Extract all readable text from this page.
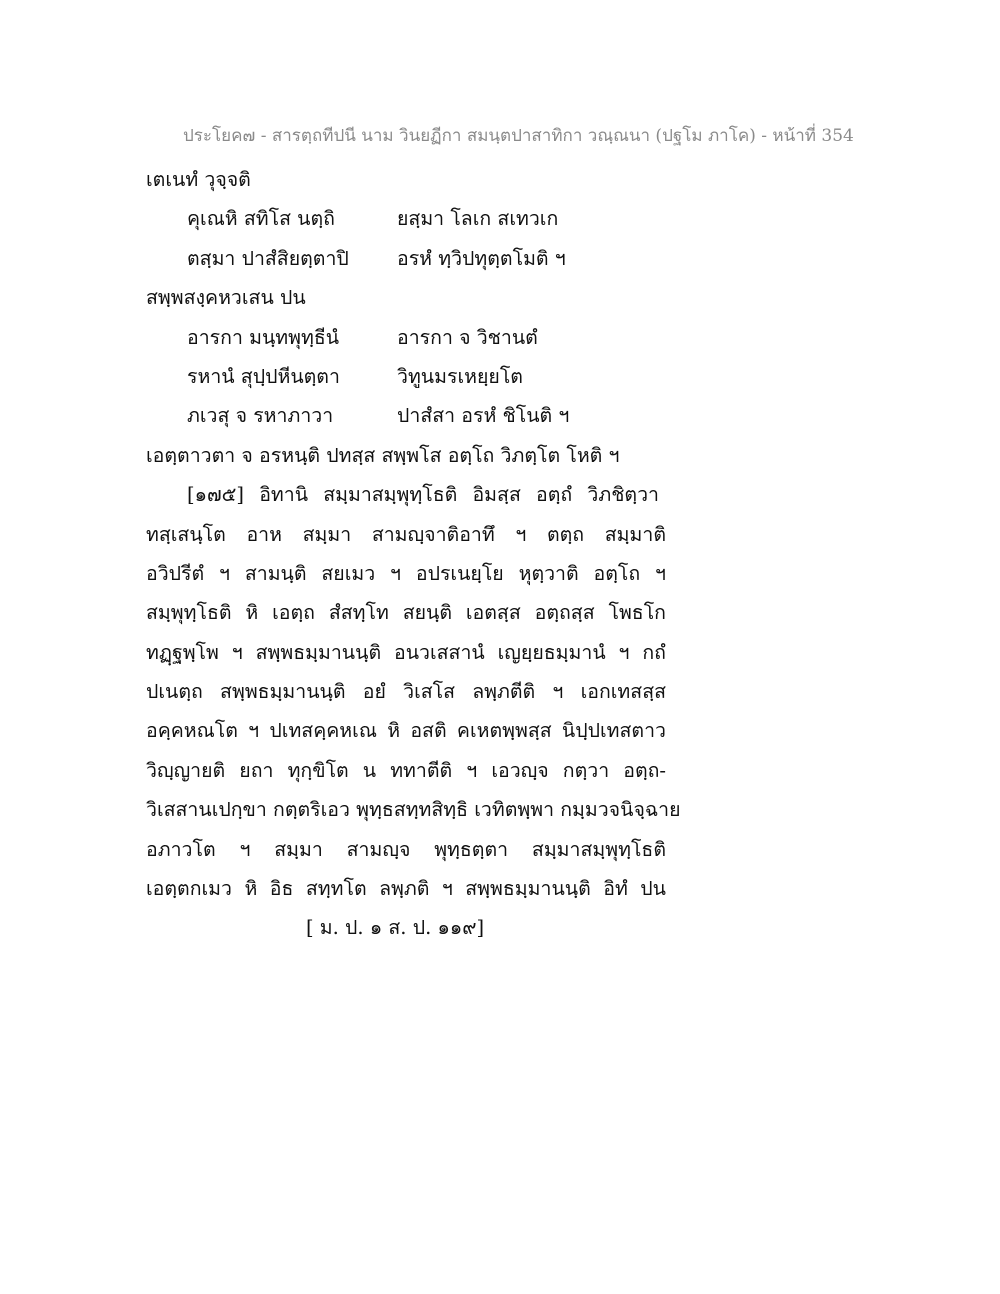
ประโยค๗ - สารตฺถทีปนี นาม วินยฏีกา สมนฺตปาสาทิกา วณฺณนา (ปฐโม ภาโค) - หน้าที่ 354
เตเนทํ วุจฺจติ
คุเณหิ สทิโส นตฺถิ	ยสฺมา โลเก สเทวเก
ตสฺมา ปาสํสิยตฺตาปิ	อรหํ ทฺวิปทุตฺตโมติ ฯ
สพฺพสงฺคหวเสน ปน
อารกา มนฺทพุทฺธีนํ	อารกา จ วิชานตํ
รหานํ สุปฺปหีนตฺตา	วิทูนมรเหยฺยโต
ภเวสุ จ รหาภาวา	ปาสํสา อรหํ ชิโนติ ฯ
เอตฺตาวตา จ อรหนฺติ ปทสฺส สพฺพโส อตฺโถ วิภตฺโต โหติ ฯ
[๑๗๕] อิทานิ สมฺมาสมฺพุทฺโธติ อิมสฺส อตฺถํ วิภชิตฺวา
ทสฺเสนฺโต อาห สมฺมา สามญฺจาติอาทึ ฯ ตตฺถ สมฺมาติ
อวิปรีตํ ฯ สามนฺติ สยเมว ฯ อปรเนยฺโย หุตฺวาติ อตฺโถ ฯ
สมฺพุทฺโธติ หิ เอตฺถ สํสทฺโท สยนฺติ เอตสฺส อตฺถสฺส โพธโก
ทฏฺฐพฺโพ ฯ สพฺพธมฺมานนฺติ อนวเสสานํ เญยฺยธมฺมานํ ฯ กถํ
ปเนตฺถ สพฺพธมฺมานนฺติ อยํ วิเสโส ลพฺภตีติ ฯ เอกเทสสฺส
อคฺคหณโต ฯ ปเทสคฺคหเณ หิ อสติ คเหตพฺพสฺส นิปฺปเทสตาว
วิญฺญายติ ยถา ทุกฺขิโต น ททาตีติ ฯ เอวญฺจ กตฺวา อตฺถ-
วิเสสานเปกฺขา กตฺตริเอว พุทฺธสทฺทสิทฺธิ เวทิตพฺพา กมฺมวจนิจฺฉาย
อภาวโต ฯ สมฺมา สามญฺจ พุทฺธตฺตา สมฺมาสมฺพุทฺโธติ
เอตฺตกเมว หิ อิธ สทฺทโต ลพฺภติ ฯ สพฺพธมฺมานนฺติ อิทํ ปน
[ ม. ป. ๑ ส. ป. ๑๑๙]
